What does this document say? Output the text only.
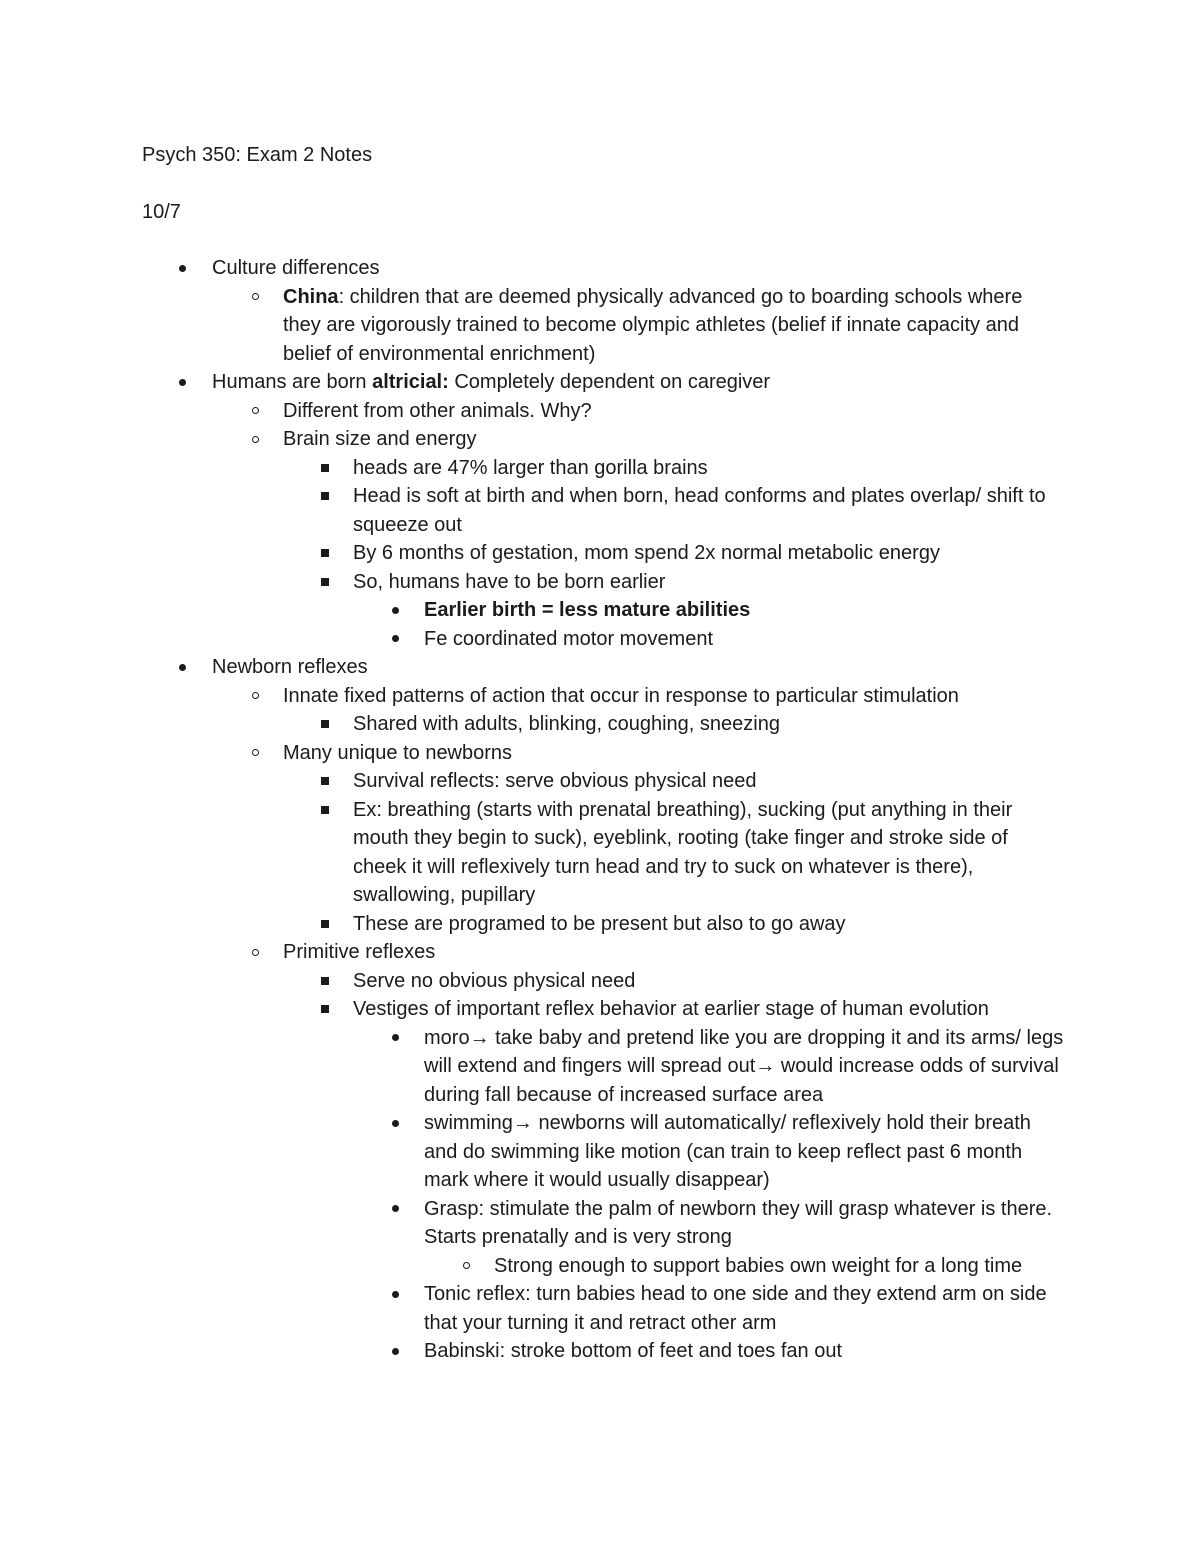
Psych 350: Exam 2 Notes
10/7
Culture differences
China: children that are deemed physically advanced go to boarding schools where they are vigorously trained to become olympic athletes (belief if innate capacity and belief of environmental enrichment)
Humans are born altricial: Completely dependent on caregiver
Different from other animals. Why?
Brain size and energy
heads are 47% larger than gorilla brains
Head is soft at birth and when born, head conforms and plates overlap/ shift to squeeze out
By 6 months of gestation, mom spend 2x normal metabolic energy
So, humans have to be born earlier
Earlier birth = less mature abilities
Fe coordinated motor movement
Newborn reflexes
Innate fixed patterns of action that occur in response to particular stimulation
Shared with adults, blinking, coughing, sneezing
Many unique to newborns
Survival reflects: serve obvious physical need
Ex: breathing (starts with prenatal breathing), sucking (put anything in their mouth they begin to suck), eyeblink, rooting (take finger and stroke side of cheek it will reflexively turn head and try to suck on whatever is there), swallowing, pupillary
These are programed to be present but also to go away
Primitive reflexes
Serve no obvious physical need
Vestiges of important reflex behavior at earlier stage of human evolution
moro→ take baby and pretend like you are dropping it and its arms/ legs will extend and fingers will spread out→ would increase odds of survival during fall because of increased surface area
swimming→ newborns will automatically/ reflexively hold their breath and do swimming like motion (can train to keep reflect past 6 month mark where it would usually disappear)
Grasp: stimulate the palm of newborn they will grasp whatever is there. Starts prenatally and is very strong
Strong enough to support babies own weight for a long time
Tonic reflex: turn babies head to one side and they extend arm on side that your turning it and retract other arm
Babinski: stroke bottom of feet and toes fan out
